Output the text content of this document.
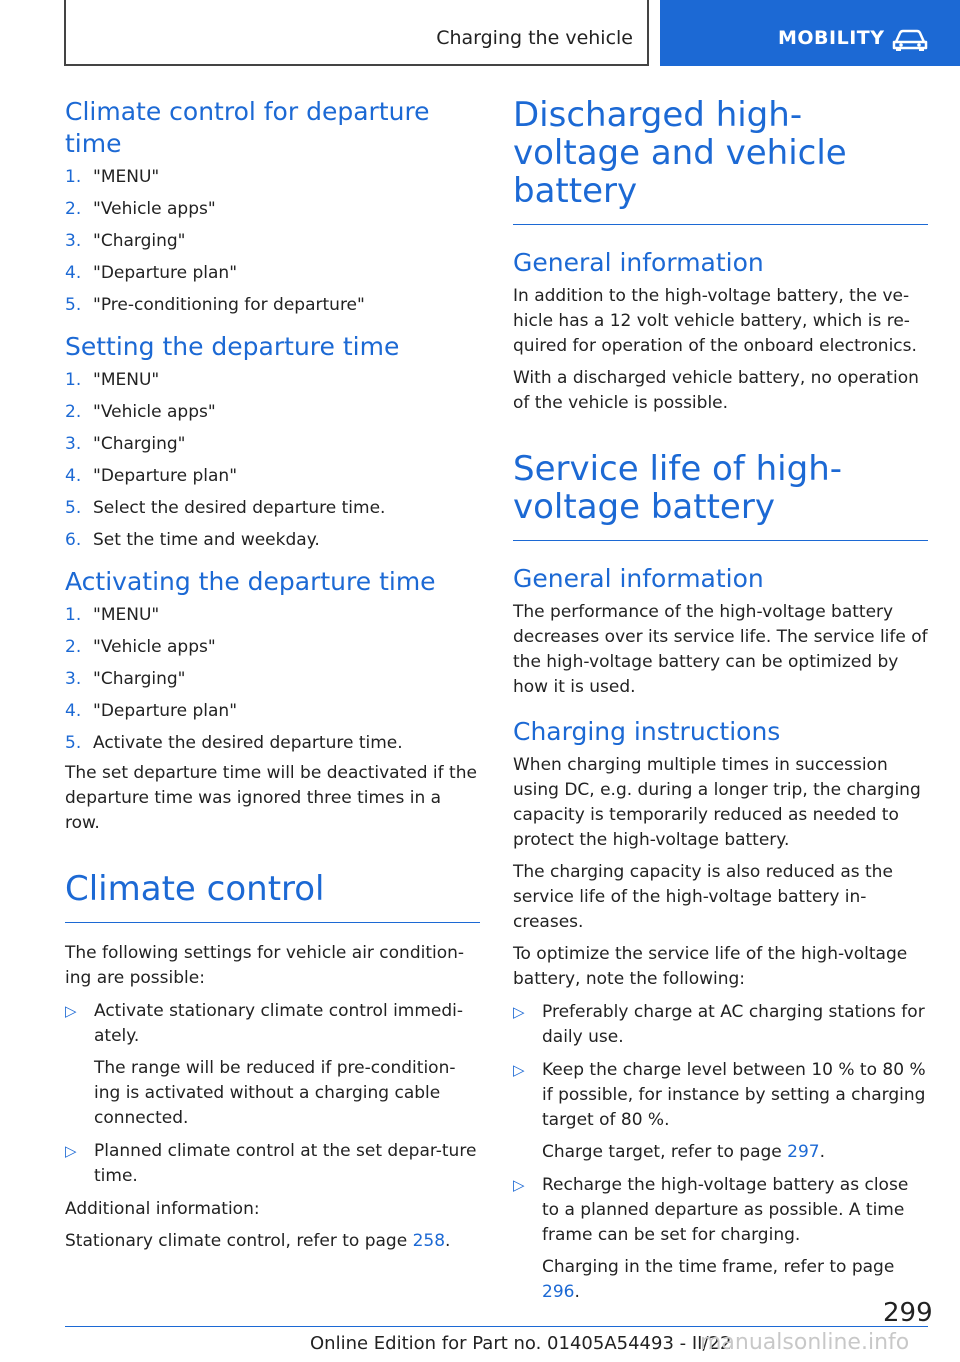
Charging the vehicle	MOBILITY
Climate control for departure time
1. "MENU"
2. "Vehicle apps"
3. "Charging"
4. "Departure plan"
5. "Pre-conditioning for departure"
Setting the departure time
1. "MENU"
2. "Vehicle apps"
3. "Charging"
4. "Departure plan"
5. Select the desired departure time.
6. Set the time and weekday.
Activating the departure time
1. "MENU"
2. "Vehicle apps"
3. "Charging"
4. "Departure plan"
5. Activate the desired departure time.

The set departure time will be deactivated if the departure time was ignored three times in a row.

Climate control

The following settings for vehicle air condition-ing are possible:

▷ Activate stationary climate control immedi-ately.

The range will be reduced if pre-condition-ing is activated without a charging cable connected.

▷ Planned climate control at the set depar-ture time.

Additional information:

Stationary climate control, refer to page 258.

Discharged high-voltage and vehicle battery
General information

In addition to the high-voltage battery, the ve-hicle has a 12 volt vehicle battery, which is re-quired for operation of the onboard electronics.

With a discharged vehicle battery, no operation of the vehicle is possible.

Service life of high-voltage battery
General information

The performance of the high-voltage battery decreases over its service life. The service life of the high-voltage battery can be optimized by how it is used.

Charging instructions

When charging multiple times in succession using DC, e.g. during a longer trip, the charging capacity is temporarily reduced as needed to protect the high-voltage battery.

The charging capacity is also reduced as the service life of the high-voltage battery in-creases.

To optimize the service life of the high-voltage battery, note the following:

▷ Preferably charge at AC charging stations for daily use.
▷ Keep the charge level between 10 % to 80 % if possible, for instance by setting a charging target of 80 %.

Charge target, refer to page 297.

▷ Recharge the high-voltage battery as close to a planned departure as possible. A time frame can be set for charging.

Charging in the time frame, refer to page 296.

299
Online Edition for Part no. 01405A54493 - II/22
manualsonline.info
